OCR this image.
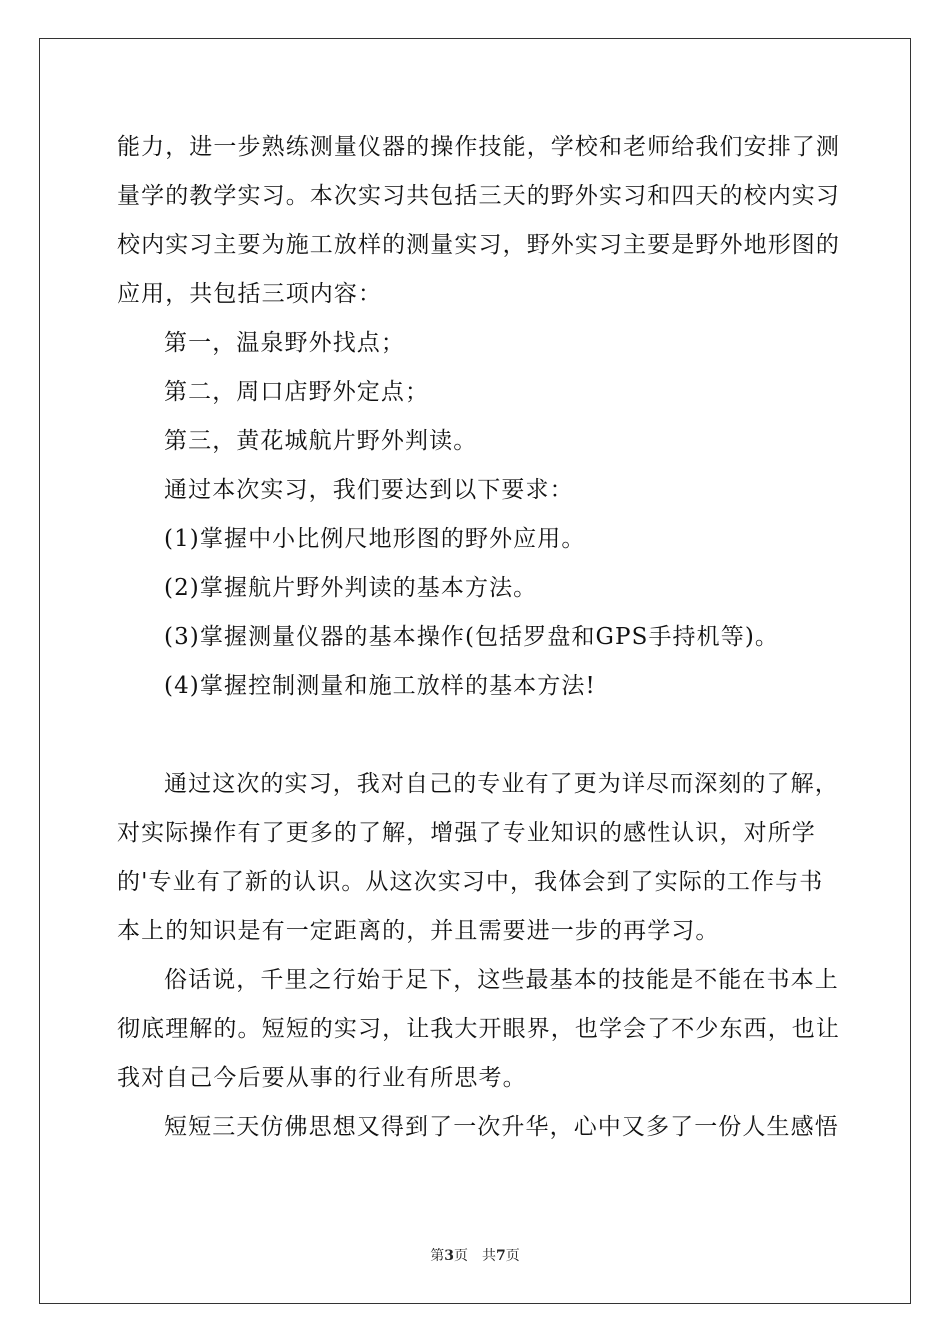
能力，进一步熟练测量仪器的操作技能，学校和老师给我们安排了测
量学的教学实习。本次实习共包括三天的野外实习和四天的校内实习
校内实习主要为施工放样的测量实习，野外实习主要是野外地形图的
应用，共包括三项内容：
第一，温泉野外找点；
第二，周口店野外定点；
第三，黄花城航片野外判读。
通过本次实习，我们要达到以下要求：
(1)掌握中小比例尺地形图的野外应用。
(2)掌握航片野外判读的基本方法。
(3)掌握测量仪器的基本操作(包括罗盘和GPS手持机等)。
(4)掌握控制测量和施工放样的基本方法!
通过这次的实习，我对自己的专业有了更为详尽而深刻的了解，
对实际操作有了更多的了解，增强了专业知识的感性认识，对所学
的'专业有了新的认识。从这次实习中，我体会到了实际的工作与书
本上的知识是有一定距离的，并且需要进一步的再学习。
俗话说，千里之行始于足下，这些最基本的技能是不能在书本上
彻底理解的。短短的实习，让我大开眼界，也学会了不少东西，也让
我对自己今后要从事的行业有所思考。
短短三天仿佛思想又得到了一次升华，心中又多了一份人生感悟
第3页　共7页
